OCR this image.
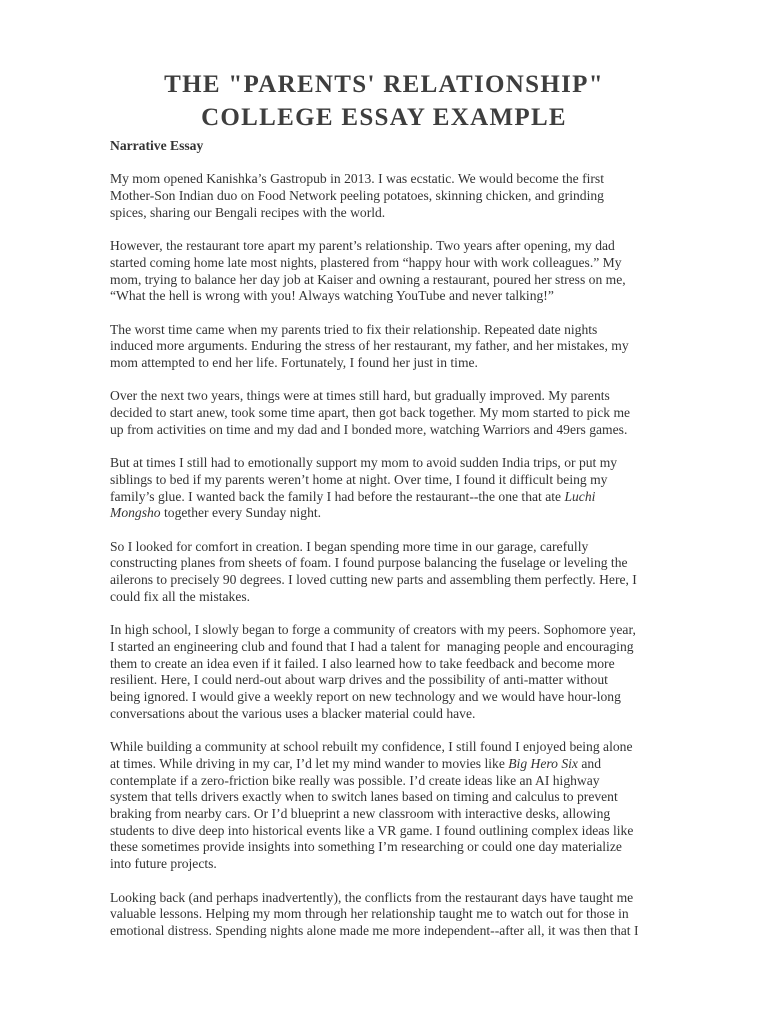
THE "PARENTS' RELATIONSHIP"
COLLEGE ESSAY EXAMPLE
Narrative Essay

My mom opened Kanishka’s Gastropub in 2013. I was ecstatic. We would become the first
Mother-Son Indian duo on Food Network peeling potatoes, skinning chicken, and grinding
spices, sharing our Bengali recipes with the world.

However, the restaurant tore apart my parent’s relationship. Two years after opening, my dad
started coming home late most nights, plastered from “happy hour with work colleagues.” My
mom, trying to balance her day job at Kaiser and owning a restaurant, poured her stress on me,
“What the hell is wrong with you! Always watching YouTube and never talking!”

The worst time came when my parents tried to fix their relationship. Repeated date nights
induced more arguments. Enduring the stress of her restaurant, my father, and her mistakes, my
mom attempted to end her life. Fortunately, I found her just in time.

Over the next two years, things were at times still hard, but gradually improved. My parents
decided to start anew, took some time apart, then got back together. My mom started to pick me
up from activities on time and my dad and I bonded more, watching Warriors and 49ers games.

But at times I still had to emotionally support my mom to avoid sudden India trips, or put my
siblings to bed if my parents weren’t home at night. Over time, I found it difficult being my
family’s glue. I wanted back the family I had before the restaurant--the one that ate Luchi
Mongsho together every Sunday night.

So I looked for comfort in creation. I began spending more time in our garage, carefully
constructing planes from sheets of foam. I found purpose balancing the fuselage or leveling the
ailerons to precisely 90 degrees. I loved cutting new parts and assembling them perfectly. Here, I
could fix all the mistakes.

In high school, I slowly began to forge a community of creators with my peers. Sophomore year,
I started an engineering club and found that I had a talent for  managing people and encouraging
them to create an idea even if it failed. I also learned how to take feedback and become more
resilient. Here, I could nerd-out about warp drives and the possibility of anti-matter without
being ignored. I would give a weekly report on new technology and we would have hour-long
conversations about the various uses a blacker material could have.

While building a community at school rebuilt my confidence, I still found I enjoyed being alone
at times. While driving in my car, I’d let my mind wander to movies like Big Hero Six and
contemplate if a zero-friction bike really was possible. I’d create ideas like an AI highway
system that tells drivers exactly when to switch lanes based on timing and calculus to prevent
braking from nearby cars. Or I’d blueprint a new classroom with interactive desks, allowing
students to dive deep into historical events like a VR game. I found outlining complex ideas like
these sometimes provide insights into something I’m researching or could one day materialize
into future projects.

Looking back (and perhaps inadvertently), the conflicts from the restaurant days have taught me
valuable lessons. Helping my mom through her relationship taught me to watch out for those in
emotional distress. Spending nights alone made me more independent--after all, it was then that I
